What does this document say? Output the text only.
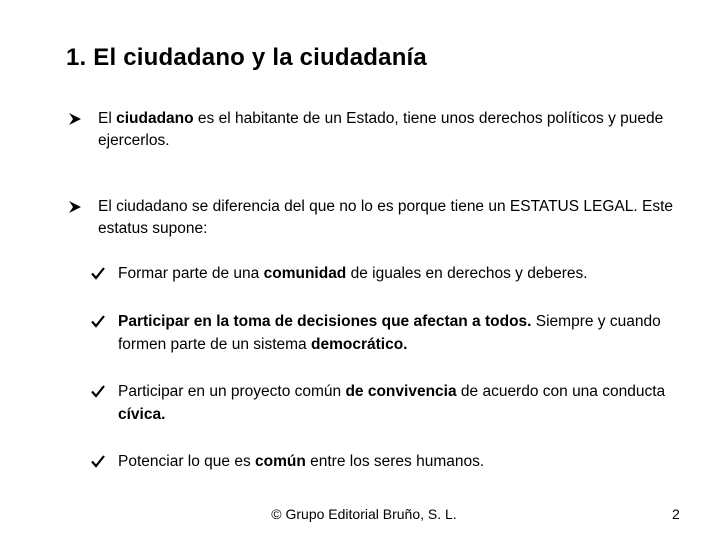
1. El ciudadano y la ciudadanía
El ciudadano es el habitante de un Estado, tiene unos derechos políticos y puede ejercerlos.
El ciudadano se diferencia del que no lo es porque tiene un ESTATUS LEGAL. Este estatus supone:
Formar parte de una comunidad de iguales en derechos y deberes.
Participar en la toma de decisiones que afectan a todos. Siempre y cuando formen parte de un sistema democrático.
Participar en un proyecto común de convivencia de acuerdo con una conducta cívica.
Potenciar lo que es común entre los seres humanos.
© Grupo Editorial Bruño, S. L.	2
